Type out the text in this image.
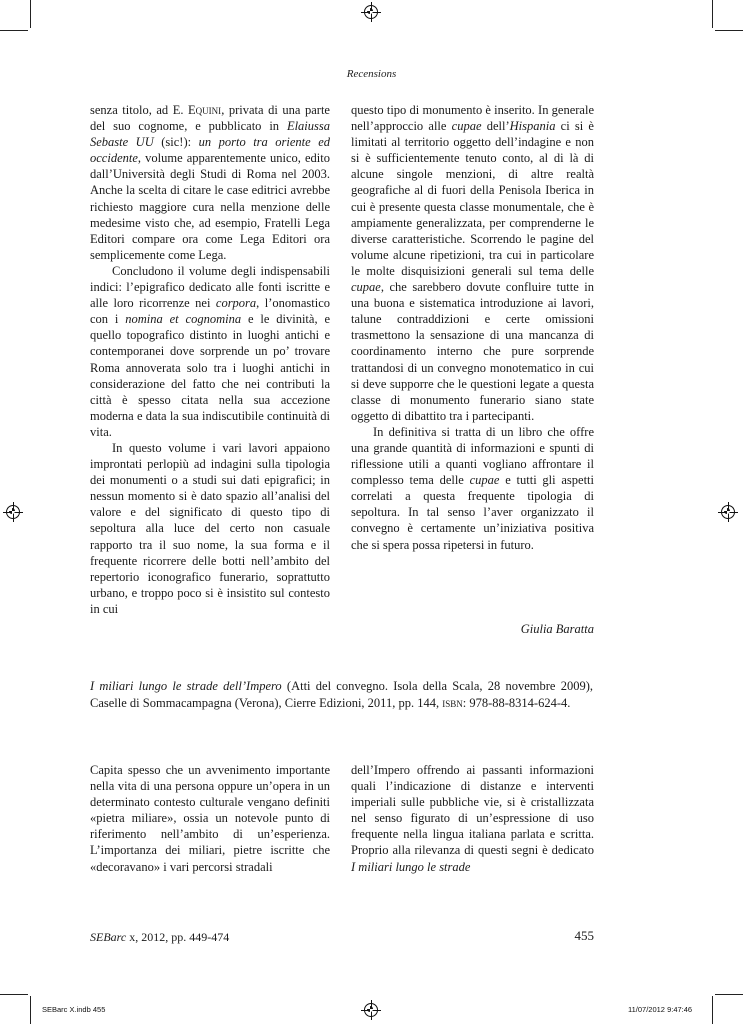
Recensions

senza titolo, ad E. Equini, privata di una parte del suo cognome, e pubblicato in Elaiussa Sebaste UU (sic!): un porto tra oriente ed occidente, volume apparentemente unico, edito dall’Università degli Studi di Roma nel 2003. Anche la scelta di citare le case editrici avrebbe richiesto maggiore cura nella menzione delle medesime visto che, ad esempio, Fratelli Lega Editori compare ora come Lega Editori ora semplicemente come Lega.

Concludono il volume degli indispensabili indici: l’epigrafico dedicato alle fonti iscritte e alle loro ricorrenze nei corpora, l’onomastico con i nomina et cognomina e le divinità, e quello topografico distinto in luoghi antichi e contemporanei dove sorprende un po’ trovare Roma annoverata solo tra i luoghi antichi in considerazione del fatto che nei contributi la città è spesso citata nella sua accezione moderna e data la sua indiscutibile continuità di vita.

In questo volume i vari lavori appaiono improntati perlopiù ad indagini sulla tipologia dei monumenti o a studi sui dati epigrafici; in nessun momento si è dato spazio all’analisi del valore e del significato di questo tipo di sepoltura alla luce del certo non casuale rapporto tra il suo nome, la sua forma e il frequente ricorrere delle botti nell’ambito del repertorio iconografico funerario, soprattutto urbano, e troppo poco si è insistito sul contesto in cui

questo tipo di monumento è inserito. In generale nell’approccio alle cupae dell’Hispania ci si è limitati al territorio oggetto dell’indagine e non si è sufficientemente tenuto conto, al di là di alcune singole menzioni, di altre realtà geografiche al di fuori della Penisola Iberica in cui è presente questa classe monumentale, che è ampiamente generalizzata, per comprenderne le diverse caratteristiche. Scorrendo le pagine del volume alcune ripetizioni, tra cui in particolare le molte disquisizioni generali sul tema delle cupae, che sarebbero dovute confluire tutte in una buona e sistematica introduzione ai lavori, talune contraddizioni e certe omissioni trasmettono la sensazione di una mancanza di coordinamento interno che pure sorprende trattandosi di un convegno monotematico in cui si deve supporre che le questioni legate a questa classe di monumento funerario siano state oggetto di dibattito tra i partecipanti.

In definitiva si tratta di un libro che offre una grande quantità di informazioni e spunti di riflessione utili a quanti vogliano affrontare il complesso tema delle cupae e tutti gli aspetti correlati a questa frequente tipologia di sepoltura. In tal senso l’aver organizzato il convegno è certamente un’iniziativa positiva che si spera possa ripetersi in futuro.

Giulia Baratta
I miliari lungo le strade dell’Impero (Atti del convegno. Isola della Scala, 28 novembre 2009), Caselle di Sommacampagna (Verona), Cierre Edizioni, 2011, pp. 144, isbn: 978-88-8314-624-4.

Capita spesso che un avvenimento importante nella vita di una persona oppure un’opera in un determinato contesto culturale vengano definiti «pietra miliare», ossia un notevole punto di riferimento nell’ambito di un’esperienza. L’importanza dei miliari, pietre iscritte che «decoravano» i vari percorsi stradali

dell’Impero offrendo ai passanti informazioni quali l’indicazione di distanze e interventi imperiali sulle pubbliche vie, si è cristallizzata nel senso figurato di un’espressione di uso frequente nella lingua italiana parlata e scritta. Proprio alla rilevanza di questi segni è dedicato I miliari lungo le strade

SEBarc x, 2012, pp. 449-474	455
SEBarc X.indb 455	11/07/2012 9:47:46
